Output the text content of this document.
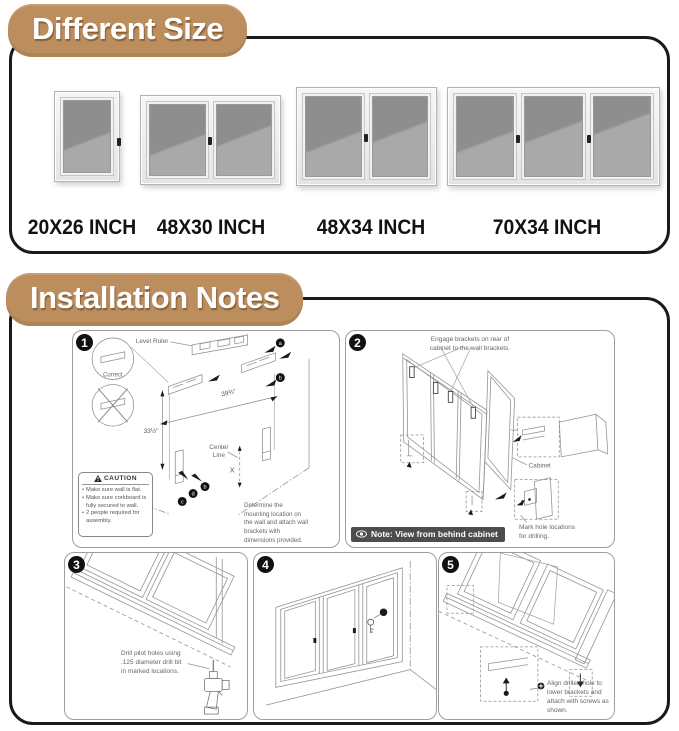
Different Size
20X26 INCH 48X30 INCH 48X34 INCH	70X34 INCH
Installation Notes
1	a
b
b
d
c
Level Ruler
Correct
39¾"
33½"
Center
Line
X
CAUTION
• Make sure wall is flat.
• Make sure corkboard is fully secured to wall.
• 2 people required for assembly.
Determine the mounting location on the wall and attach wall brackets with dimensions provided.
2
Cabinet
Engage brackets on rear of cabinet to the wall brackets.
Mark hole locations for drilling.
Note: View from behind cabinet
3
Drill pilot holes using .125 diameter drill bit in marked locations.
4	5
Align drilled hole to lower brackets and attach with screws as shown.
